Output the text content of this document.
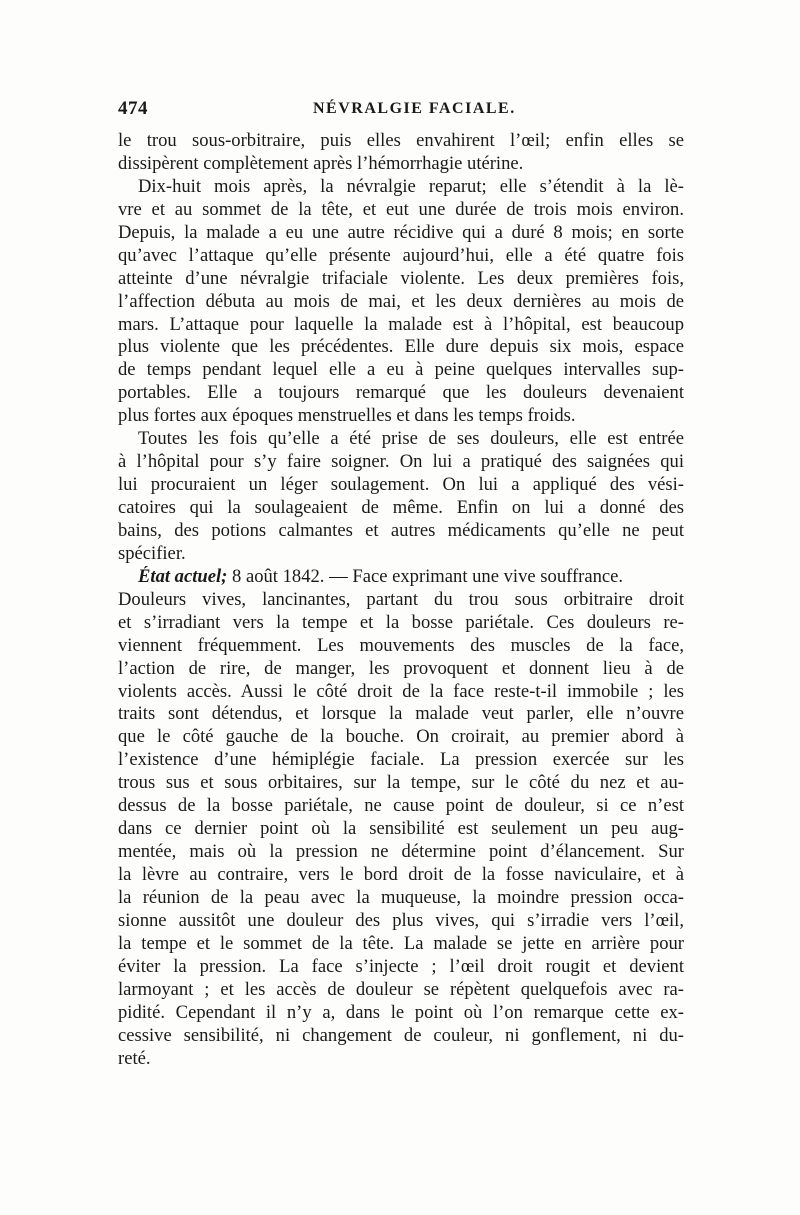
474	NÉVRALGIE FACIALE.
le trou sous-orbitraire, puis elles envahirent l’œil; enfin elles se
dissipèrent complètement après l’hémorrhagie utérine.
Dix-huit mois après, la névralgie reparut; elle s’étendit à la lè-
vre et au sommet de la tête, et eut une durée de trois mois environ.
Depuis, la malade a eu une autre récidive qui a duré 8 mois; en sorte
qu’avec l’attaque qu’elle présente aujourd’hui, elle a été quatre fois
atteinte d’une névralgie trifaciale violente. Les deux premières fois,
l’affection débuta au mois de mai, et les deux dernières au mois de
mars. L’attaque pour laquelle la malade est à l’hôpital, est beaucoup
plus violente que les précédentes. Elle dure depuis six mois, espace
de temps pendant lequel elle a eu à peine quelques intervalles sup-
portables. Elle a toujours remarqué que les douleurs devenaient
plus fortes aux époques menstruelles et dans les temps froids.
Toutes les fois qu’elle a été prise de ses douleurs, elle est entrée
à l’hôpital pour s’y faire soigner. On lui a pratiqué des saignées qui
lui procuraient un léger soulagement. On lui a appliqué des vési-
catoires qui la soulageaient de même. Enfin on lui a donné des
bains, des potions calmantes et autres médicaments qu’elle ne peut
spécifier.
État actuel; 8 août 1842. — Face exprimant une vive souffrance.
Douleurs vives, lancinantes, partant du trou sous orbitraire droit
et s’irradiant vers la tempe et la bosse pariétale. Ces douleurs re-
viennent fréquemment. Les mouvements des muscles de la face,
l’action de rire, de manger, les provoquent et donnent lieu à de
violents accès. Aussi le côté droit de la face reste-t-il immobile ; les
traits sont détendus, et lorsque la malade veut parler, elle n’ouvre
que le côté gauche de la bouche. On croirait, au premier abord à
l’existence d’une hémiplégie faciale. La pression exercée sur les
trous sus et sous orbitaires, sur la tempe, sur le côté du nez et au-
dessus de la bosse pariétale, ne cause point de douleur, si ce n’est
dans ce dernier point où la sensibilité est seulement un peu aug-
mentée, mais où la pression ne détermine point d’élancement. Sur
la lèvre au contraire, vers le bord droit de la fosse naviculaire, et à
la réunion de la peau avec la muqueuse, la moindre pression occa-
sionne aussitôt une douleur des plus vives, qui s’irradie vers l’œil,
la tempe et le sommet de la tête. La malade se jette en arrière pour
éviter la pression. La face s’injecte ; l’œil droit rougit et devient
larmoyant ; et les accès de douleur se répètent quelquefois avec ra-
pidité. Cependant il n’y a, dans le point où l’on remarque cette ex-
cessive sensibilité, ni changement de couleur, ni gonflement, ni du-
reté.
